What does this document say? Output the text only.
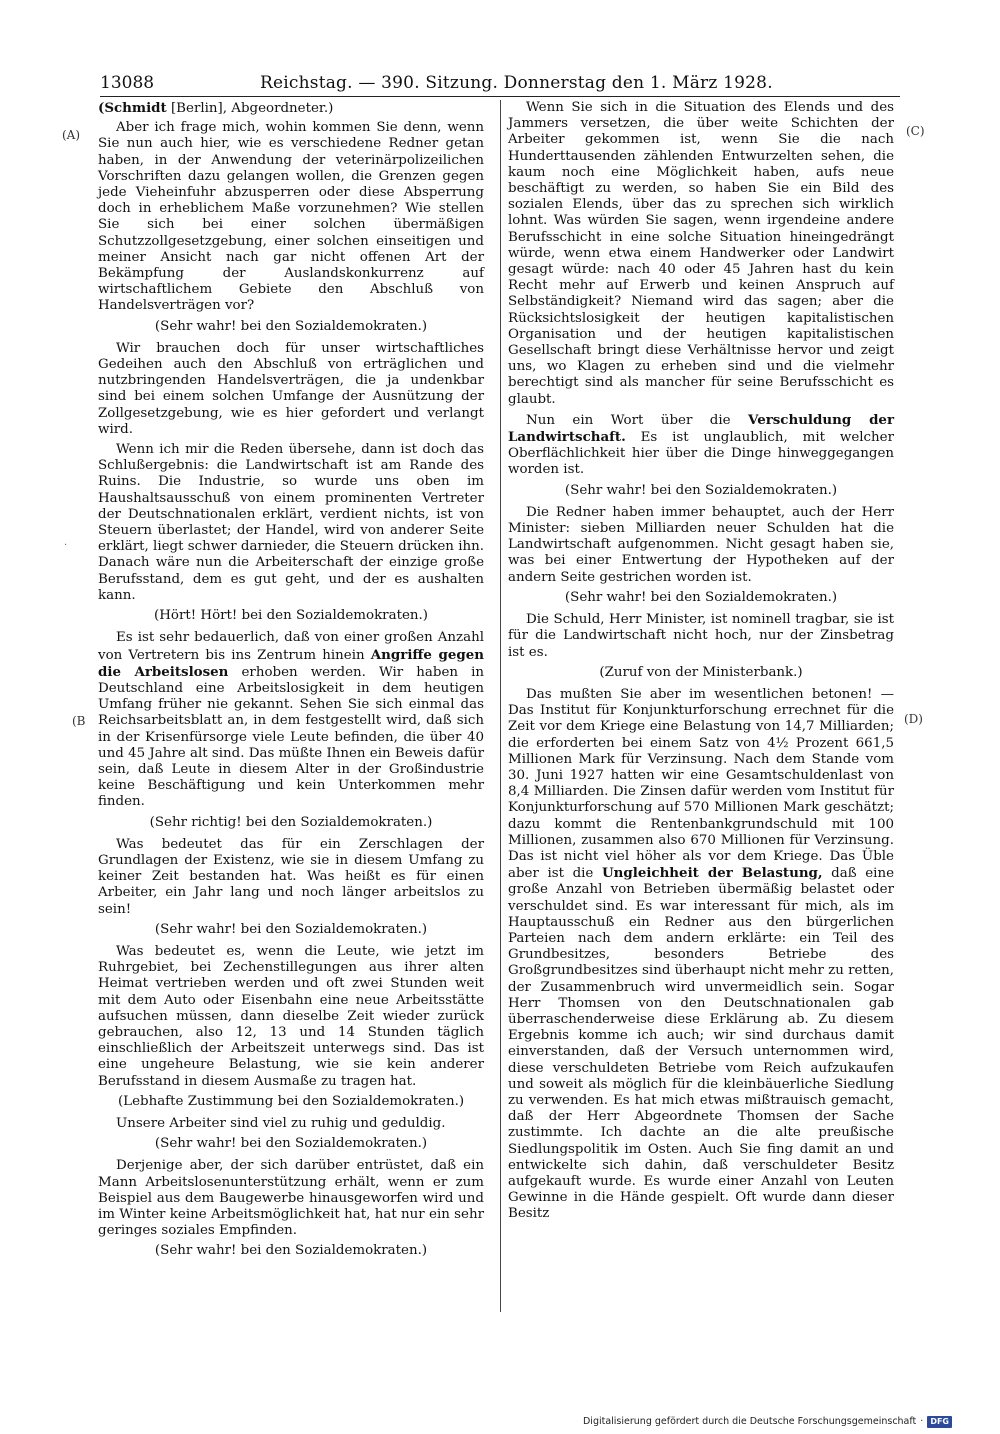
13088	Reichstag. — 390. Sitzung. Donnerstag den 1. März 1928.
(A)
(B
(C)
(D)
·

(Schmidt [Berlin], Abgeordneter.)

Aber ich frage mich, wohin kommen Sie denn, wenn Sie nun auch hier, wie es verschiedene Redner getan haben, in der Anwendung der veterinärpolizeilichen Vorschriften dazu gelangen wollen, die Grenzen gegen jede Vieheinfuhr abzusperren oder diese Absperrung doch in erheblichem Maße vorzunehmen? Wie stellen Sie sich bei einer solchen übermäßigen Schutzzollgesetzgebung, einer solchen einseitigen und meiner Ansicht nach gar nicht offenen Art der Bekämpfung der Auslandskonkurrenz auf wirtschaftlichem Gebiete den Abschluß von Handelsverträgen vor?

(Sehr wahr! bei den Sozialdemokraten.)

Wir brauchen doch für unser wirtschaftliches Gedeihen auch den Abschluß von erträglichen und nutzbringenden Handelsverträgen, die ja undenkbar sind bei einem solchen Umfange der Ausnützung der Zollgesetzgebung, wie es hier gefordert und verlangt wird.

Wenn ich mir die Reden übersehe, dann ist doch das Schlußergebnis: die Landwirtschaft ist am Rande des Ruins. Die Industrie, so wurde uns oben im Haushaltsausschuß von einem prominenten Vertreter der Deutschnationalen erklärt, verdient nichts, ist von Steuern überlastet; der Handel, wird von anderer Seite erklärt, liegt schwer darnieder, die Steuern drücken ihn. Danach wäre nun die Arbeiterschaft der einzige große Berufsstand, dem es gut geht, und der es aushalten kann.

(Hört! Hört! bei den Sozialdemokraten.)

Es ist sehr bedauerlich, daß von einer großen Anzahl von Vertretern bis ins Zentrum hinein Angriffe gegen die Arbeitslosen erhoben werden. Wir haben in Deutschland eine Arbeitslosigkeit in dem heutigen Umfang früher nie gekannt. Sehen Sie sich einmal das Reichsarbeitsblatt an, in dem festgestellt wird, daß sich in der Krisenfürsorge viele Leute befinden, die über 40 und 45 Jahre alt sind. Das müßte Ihnen ein Beweis dafür sein, daß Leute in diesem Alter in der Großindustrie keine Beschäftigung und kein Unterkommen mehr finden.

(Sehr richtig! bei den Sozialdemokraten.)

Was bedeutet das für ein Zerschlagen der Grundlagen der Existenz, wie sie in diesem Umfang zu keiner Zeit bestanden hat. Was heißt es für einen Arbeiter, ein Jahr lang und noch länger arbeitslos zu sein!

(Sehr wahr! bei den Sozialdemokraten.)

Was bedeutet es, wenn die Leute, wie jetzt im Ruhrgebiet, bei Zechenstillegungen aus ihrer alten Heimat vertrieben werden und oft zwei Stunden weit mit dem Auto oder Eisenbahn eine neue Arbeitsstätte aufsuchen müssen, dann dieselbe Zeit wieder zurück gebrauchen, also 12, 13 und 14 Stunden täglich einschließlich der Arbeitszeit unterwegs sind. Das ist eine ungeheure Belastung, wie sie kein anderer Berufsstand in diesem Ausmaße zu tragen hat.

(Lebhafte Zustimmung bei den Sozialdemokraten.)

Unsere Arbeiter sind viel zu ruhig und geduldig.

(Sehr wahr! bei den Sozialdemokraten.)

Derjenige aber, der sich darüber entrüstet, daß ein Mann Arbeitslosenunterstützung erhält, wenn er zum Beispiel aus dem Baugewerbe hinausgeworfen wird und im Winter keine Arbeitsmöglichkeit hat, hat nur ein sehr geringes soziales Empfinden.

(Sehr wahr! bei den Sozialdemokraten.)

Wenn Sie sich in die Situation des Elends und des Jammers versetzen, die über weite Schichten der Arbeiter gekommen ist, wenn Sie die nach Hunderttausenden zählenden Entwurzelten sehen, die kaum noch eine Möglichkeit haben, aufs neue beschäftigt zu werden, so haben Sie ein Bild des sozialen Elends, über das zu sprechen sich wirklich lohnt. Was würden Sie sagen, wenn irgendeine andere Berufsschicht in eine solche Situation hineingedrängt würde, wenn etwa einem Handwerker oder Landwirt gesagt würde: nach 40 oder 45 Jahren hast du kein Recht mehr auf Erwerb und keinen Anspruch auf Selbständigkeit? Niemand wird das sagen; aber die Rücksichtslosigkeit der heutigen kapitalistischen Organisation und der heutigen kapitalistischen Gesellschaft bringt diese Verhältnisse hervor und zeigt uns, wo Klagen zu erheben sind und die vielmehr berechtigt sind als mancher für seine Berufsschicht es glaubt.

Nun ein Wort über die Verschuldung der Landwirtschaft. Es ist unglaublich, mit welcher Oberflächlichkeit hier über die Dinge hinweggegangen worden ist.

(Sehr wahr! bei den Sozialdemokraten.)

Die Redner haben immer behauptet, auch der Herr Minister: sieben Milliarden neuer Schulden hat die Landwirtschaft aufgenommen. Nicht gesagt haben sie, was bei einer Entwertung der Hypotheken auf der andern Seite gestrichen worden ist.

(Sehr wahr! bei den Sozialdemokraten.)

Die Schuld, Herr Minister, ist nominell tragbar, sie ist für die Landwirtschaft nicht hoch, nur der Zinsbetrag ist es.

(Zuruf von der Ministerbank.)

Das mußten Sie aber im wesentlichen betonen! — Das Institut für Konjunkturforschung errechnet für die Zeit vor dem Kriege eine Belastung von 14,7 Milliarden; die erforderten bei einem Satz von 4½ Prozent 661,5 Millionen Mark für Verzinsung. Nach dem Stande vom 30. Juni 1927 hatten wir eine Gesamtschuldenlast von 8,4 Milliarden. Die Zinsen dafür werden vom Institut für Konjunkturforschung auf 570 Millionen Mark geschätzt; dazu kommt die Rentenbankgrundschuld mit 100 Millionen, zusammen also 670 Millionen für Verzinsung. Das ist nicht viel höher als vor dem Kriege. Das Üble aber ist die Ungleichheit der Belastung, daß eine große Anzahl von Betrieben übermäßig belastet oder verschuldet sind. Es war interessant für mich, als im Hauptausschuß ein Redner aus den bürgerlichen Parteien nach dem andern erklärte: ein Teil des Grundbesitzes, besonders Betriebe des Großgrundbesitzes sind überhaupt nicht mehr zu retten, der Zusammenbruch wird unvermeidlich sein. Sogar Herr Thomsen von den Deutschnationalen gab überraschenderweise diese Erklärung ab. Zu diesem Ergebnis komme ich auch; wir sind durchaus damit einverstanden, daß der Versuch unternommen wird, diese verschuldeten Betriebe vom Reich aufzukaufen und soweit als möglich für die kleinbäuerliche Siedlung zu verwenden. Es hat mich etwas mißtrauisch gemacht, daß der Herr Abgeordnete Thomsen der Sache zustimmte. Ich dachte an die alte preußische Siedlungspolitik im Osten. Auch Sie fing damit an und entwickelte sich dahin, daß verschuldeter Besitz aufgekauft wurde. Es wurde einer Anzahl von Leuten Gewinne in die Hände gespielt. Oft wurde dann dieser Besitz

Digitalisierung gefördert durch die Deutsche Forschungsgemeinschaft · DFG
